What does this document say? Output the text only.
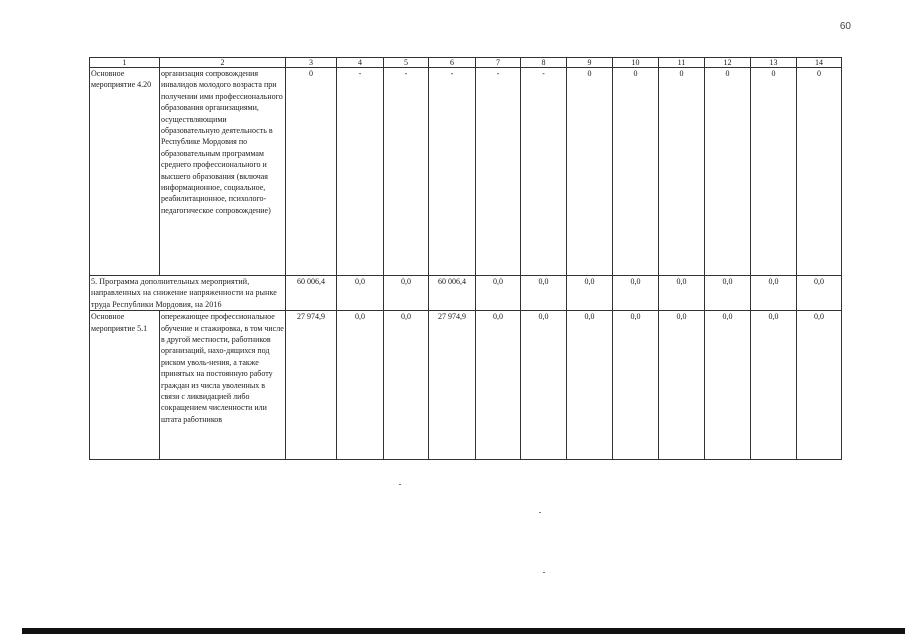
60
1	2	3	4	5	6	7	8	9	10	11	12	13	14
Основное мероприятие 4.20	организация сопровождения инвалидов молодого возраста при получении ими профессионального образования организациями, осуществляющими образовательную деятельность в Республике Мордовия по образовательным программам среднего профессионального и высшего образования (включая информационное, социальное, реабилитационное, психолого-педагогическое сопровождение)	0	-	-	-	-	-	0	0	0	0	0	0
5. Программа дополнительных мероприятий, направленных на снижение напряженности на рынке труда Республики Мордовия, на 2016		60 006,4	0,0	0,0	60 006,4	0,0	0,0	0,0	0,0	0,0	0,0	0,0	0,0
Основное мероприятие 5.1	опережающее профессиональное обучение и стажировка, в том числе в другой местности, работников организаций, нахо-дящихся под риском уволь-нения, а также принятых на постоянную работу граждан из числа уволенных в связи с ликвидацией либо сокращением численности или штата работников	27 974,9	0,0	0,0	27 974,9	0,0	0,0	0,0	0,0	0,0	0,0	0,0	0,0
